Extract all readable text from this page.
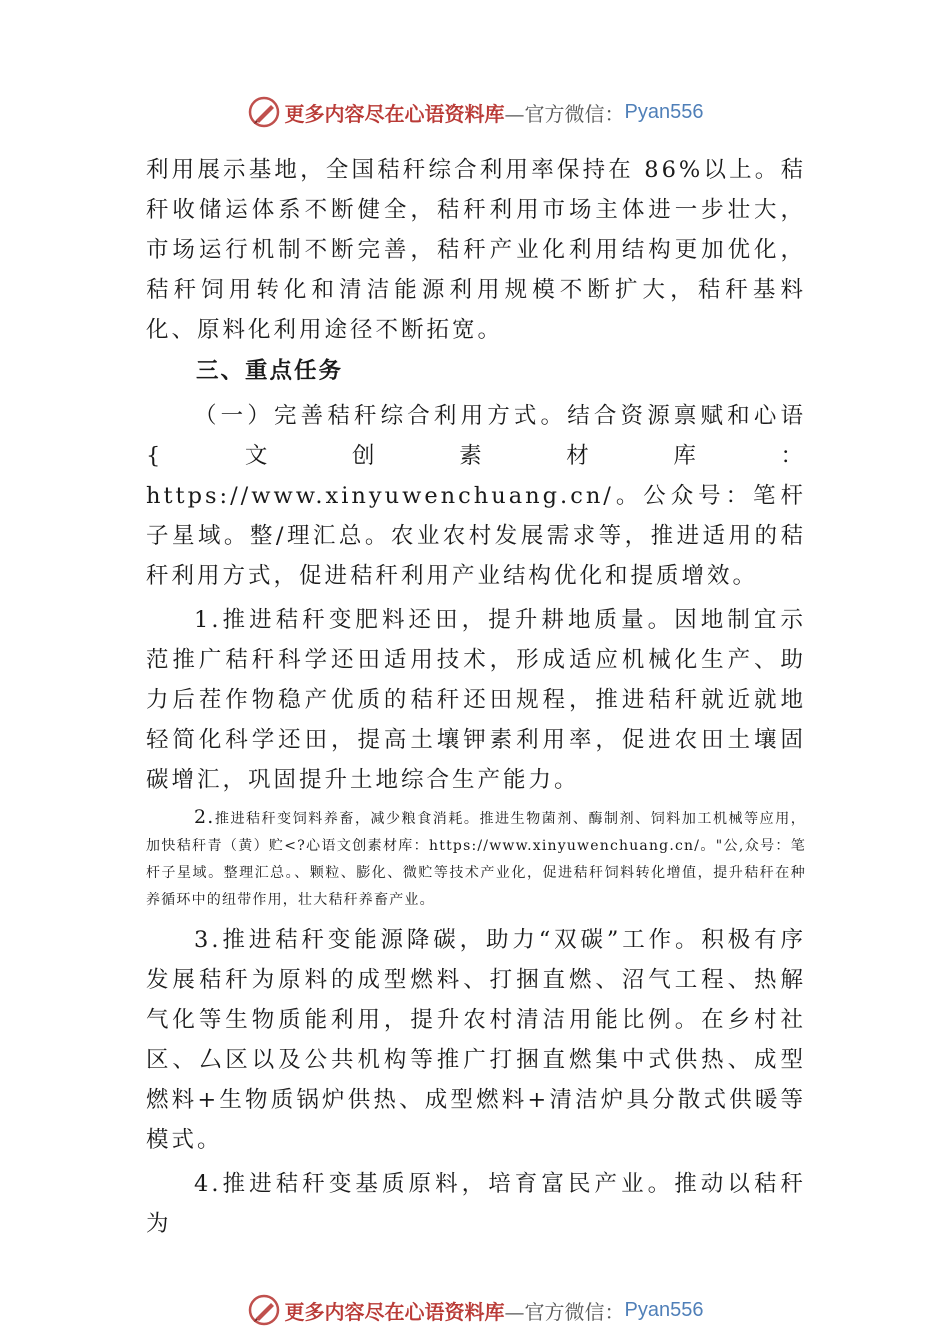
更多内容尽在心语资料库 —官方微信： Pyan556

利用展示基地，全国秸秆综合利用率保持在 86%以上。秸秆收储运体系不断健全，秸秆利用市场主体进一步壮大，市场运行机制不断完善，秸秆产业化利用结构更加优化，秸秆饲用转化和清洁能源利用规模不断扩大，秸秆基料化、原料化利用途径不断拓宽。

三、重点任务

（一）完善秸秆综合利用方式。结合资源禀赋和心语{文创素材库：https://www.xinyuwenchuang.cn/。公众号：笔杆子星域。整/理汇总。农业农村发展需求等，推进适用的秸秆利用方式，促进秸秆利用产业结构优化和提质增效。

1.推进秸秆变肥料还田，提升耕地质量。因地制宜示范推广秸秆科学还田适用技术，形成适应机械化生产、助力后茬作物稳产优质的秸秆还田规程，推进秸秆就近就地轻简化科学还田，提高土壤钾素利用率，促进农田土壤固碳增汇，巩固提升土地综合生产能力。

2.推进秸秆变饲料养畜，减少粮食消耗。推进生物菌剂、酶制剂、饲料加工机械等应用，加快秸秆青（黄）贮<?心语文创素材库：https://www.xinyuwenchuang.cn/。"公,众号：笔杆子星域。整理汇总。、颗粒、膨化、微贮等技术产业化，促进秸秆饲料转化增值，提升秸秆在种养循环中的纽带作用，壮大秸秆养畜产业。

3.推进秸秆变能源降碳，助力“双碳”工作。积极有序发展秸秆为原料的成型燃料、打捆直燃、沼气工程、热解气化等生物质能利用，提升农村清洁用能比例。在乡村社区、厶区以及公共机构等推广打捆直燃集中式供热、成型燃料+生物质锅炉供热、成型燃料+清洁炉具分散式供暖等模式。

4.推进秸秆变基质原料，培育富民产业。推动以秸秆为

更多内容尽在心语资料库 —官方微信： Pyan556
